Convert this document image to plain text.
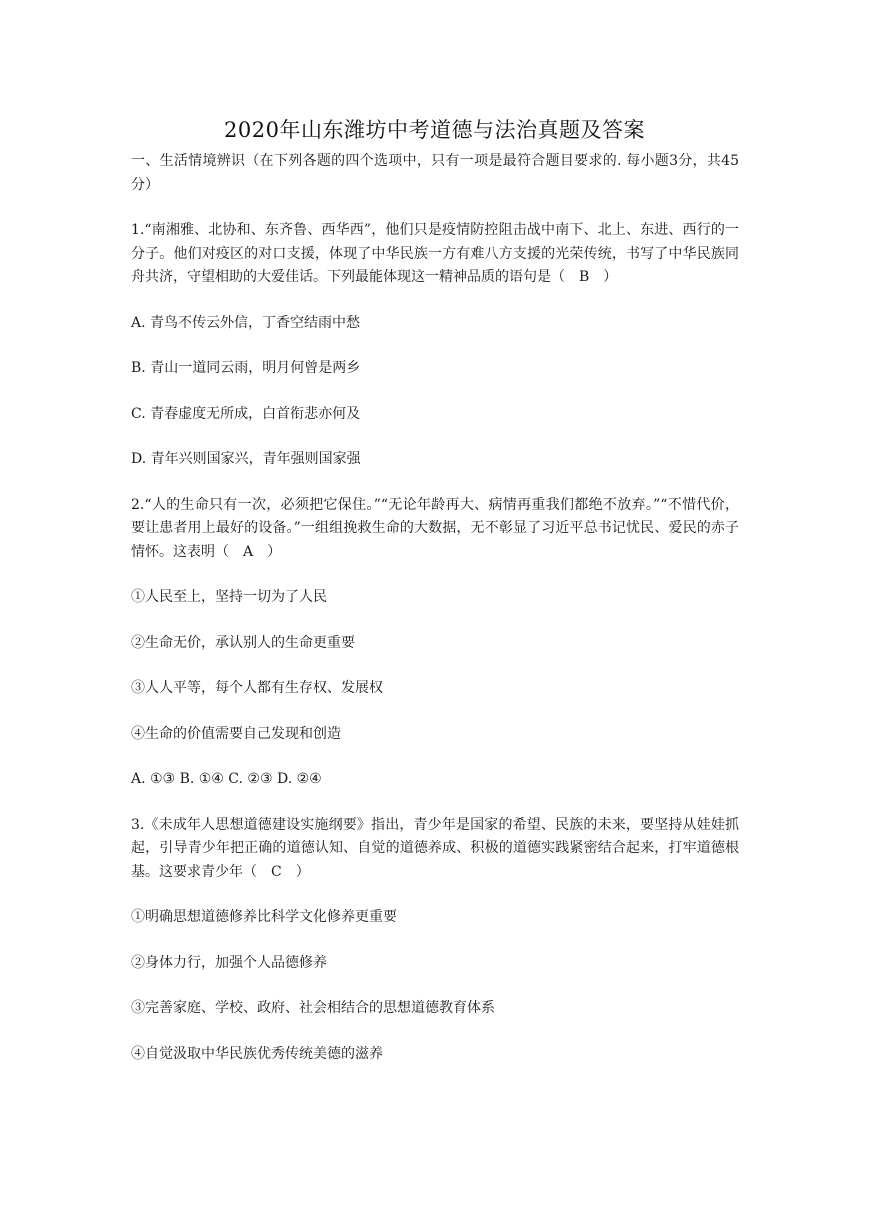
2020年山东潍坊中考道德与法治真题及答案

一、生活情境辨识（在下列各题的四个选项中，只有一项是最符合题目要求的. 每小题3分，共45分）

1.“南湘雅、北协和、东齐鲁、西华西”，他们只是疫情防控阻击战中南下、北上、东进、西行的一分子。他们对疫区的对口支援，体现了中华民族一方有难八方支援的光荣传统，书写了中华民族同舟共济，守望相助的大爱佳话。下列最能体现这一精神品质的语句是（　B　）

A. 青鸟不传云外信，丁香空结雨中愁

B. 青山一道同云雨，明月何曾是两乡

C. 青春虚度无所成，白首衔悲亦何及

D. 青年兴则国家兴，青年强则国家强

2.“人的生命只有一次，必须把它保住。”“无论年龄再大、病情再重我们都绝不放弃。”“不惜代价，要让患者用上最好的设备。”一组组挽救生命的大数据，无不彰显了习近平总书记忧民、爱民的赤子情怀。这表明（　A　）

①人民至上，坚持一切为了人民

②生命无价，承认别人的生命更重要

③人人平等，每个人都有生存权、发展权

④生命的价值需要自己发现和创造

A. ①③ B. ①④ C. ②③ D. ②④

3.《未成年人思想道德建设实施纲要》指出，青少年是国家的希望、民族的未来，要坚持从娃娃抓起，引导青少年把正确的道德认知、自觉的道德养成、积极的道德实践紧密结合起来，打牢道德根基。这要求青少年（　C　）

①明确思想道德修养比科学文化修养更重要

②身体力行，加强个人品德修养

③完善家庭、学校、政府、社会相结合的思想道德教育体系

④自觉汲取中华民族优秀传统美德的滋养
